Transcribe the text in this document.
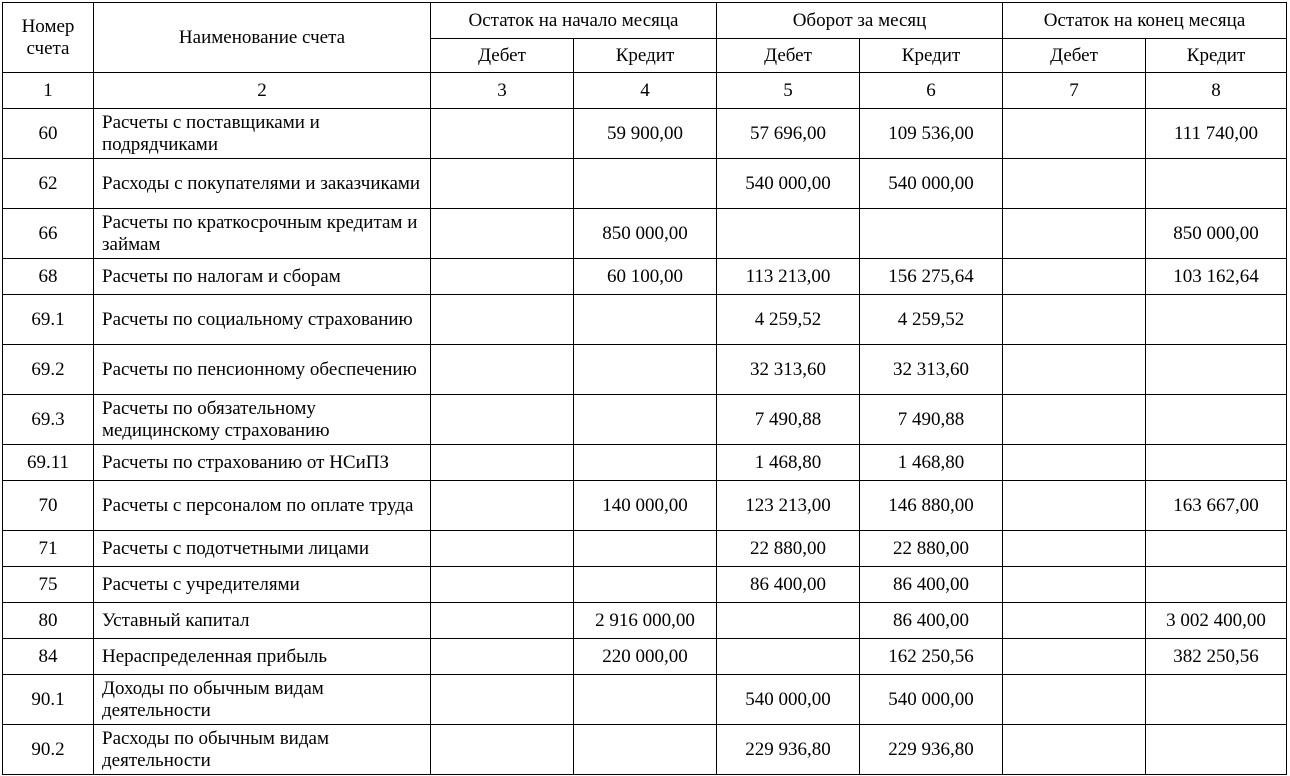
Номер счета	Наименование счета	Остаток на начало месяца		Оборот за месяц		Остаток на конец месяца	
		Дебет	Кредит	Дебет	Кредит	Дебет	Кредит
1	2	3	4	5	6	7	8
60	Расчеты с поставщиками и подрядчиками		59 900,00	57 696,00	109 536,00		111 740,00
62	Расходы с покупателями и заказчиками			540 000,00	540 000,00		
66	Расчеты по краткосрочным кредитам и займам		850 000,00				850 000,00
68	Расчеты по налогам и сборам		60 100,00	113 213,00	156 275,64		103 162,64
69.1	Расчеты по социальному страхованию			4 259,52	4 259,52		
69.2	Расчеты по пенсионному обеспечению			32 313,60	32 313,60		
69.3	Расчеты по обязательному медицинскому страхованию			7 490,88	7 490,88		
69.11	Расчеты по страхованию от НСиПЗ			1 468,80	1 468,80		
70	Расчеты с персоналом по оплате труда		140 000,00	123 213,00	146 880,00		163 667,00
71	Расчеты с подотчетными лицами			22 880,00	22 880,00		
75	Расчеты с учредителями			86 400,00	86 400,00		
80	Уставный капитал		2 916 000,00		86 400,00		3 002 400,00
84	Нераспределенная прибыль		220 000,00		162 250,56		382 250,56
90.1	Доходы по обычным видам деятельности			540 000,00	540 000,00		
90.2	Расходы по обычным видам деятельности			229 936,80	229 936,80		
